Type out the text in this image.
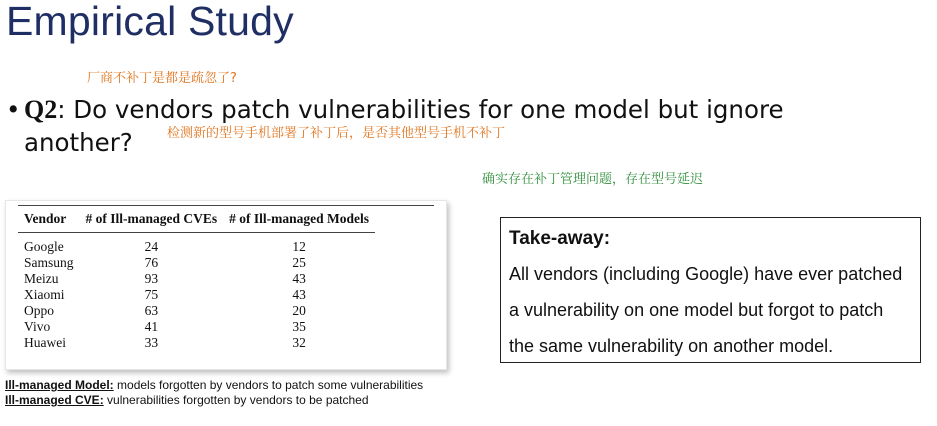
Empirical Study
厂商不补丁是都是疏忽了?
• Q2: Do vendors patch vulnerabilities for one model but ignore another?	检测新的型号手机部署了补丁后，是否其他型号手机不补丁
确实存在补丁管理问题，存在型号延迟
Vendor	# of Ill-managed CVEs	# of Ill-managed Models
Google	24	12
Samsung	76	25
Meizu	93	43
Xiaomi	75	43
Oppo	63	20
Vivo	41	35
Huawei	33	32
Ill-managed Model: models forgotten by vendors to patch some vulnerabilities
Ill-managed CVE: vulnerabilities forgotten by vendors to be patched
Take-away:
All vendors (including Google) have ever patched
a vulnerability on one model but forgot to patch
the same vulnerability on another model.
